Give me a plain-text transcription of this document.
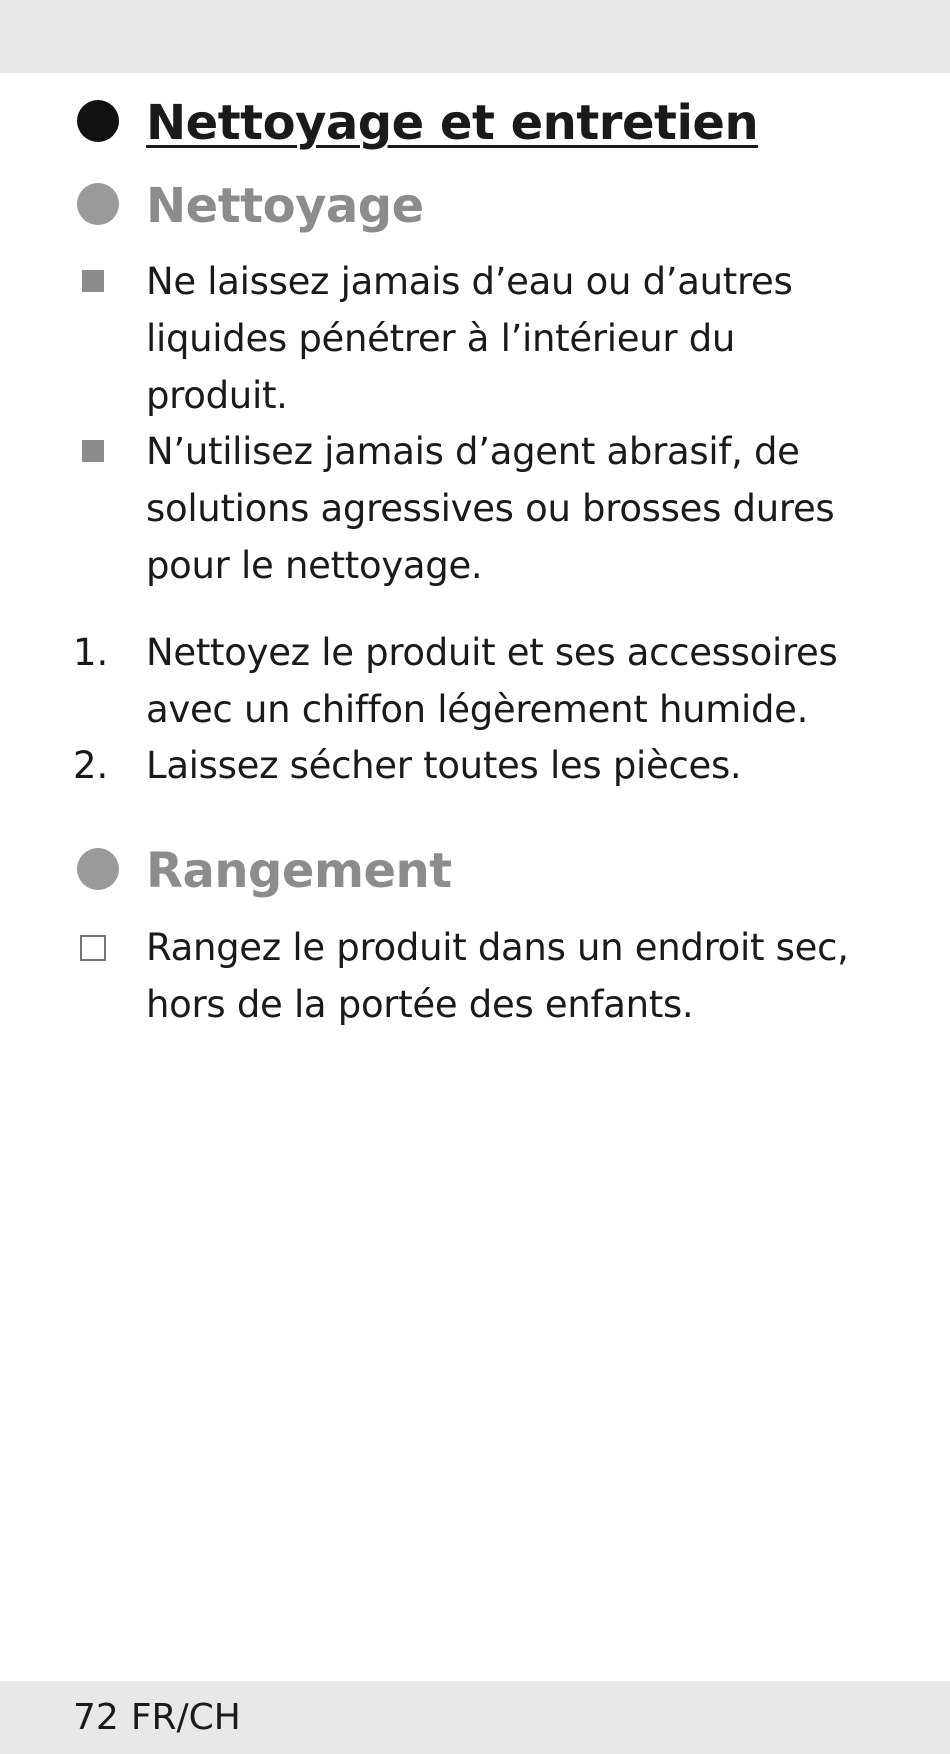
Nettoyage et entretien
Nettoyage
Ne laissez jamais d’eau ou d’autres
liquides pénétrer à l’intérieur du
produit.
N’utilisez jamais d’agent abrasif, de
solutions agressives ou brosses dures
pour le nettoyage.
1. Nettoyez le produit et ses accessoires
avec un chiffon légèrement humide.
2. Laissez sécher toutes les pièces.
Rangement
Rangez le produit dans un endroit sec,
hors de la portée des enfants.
72 FR/CH
